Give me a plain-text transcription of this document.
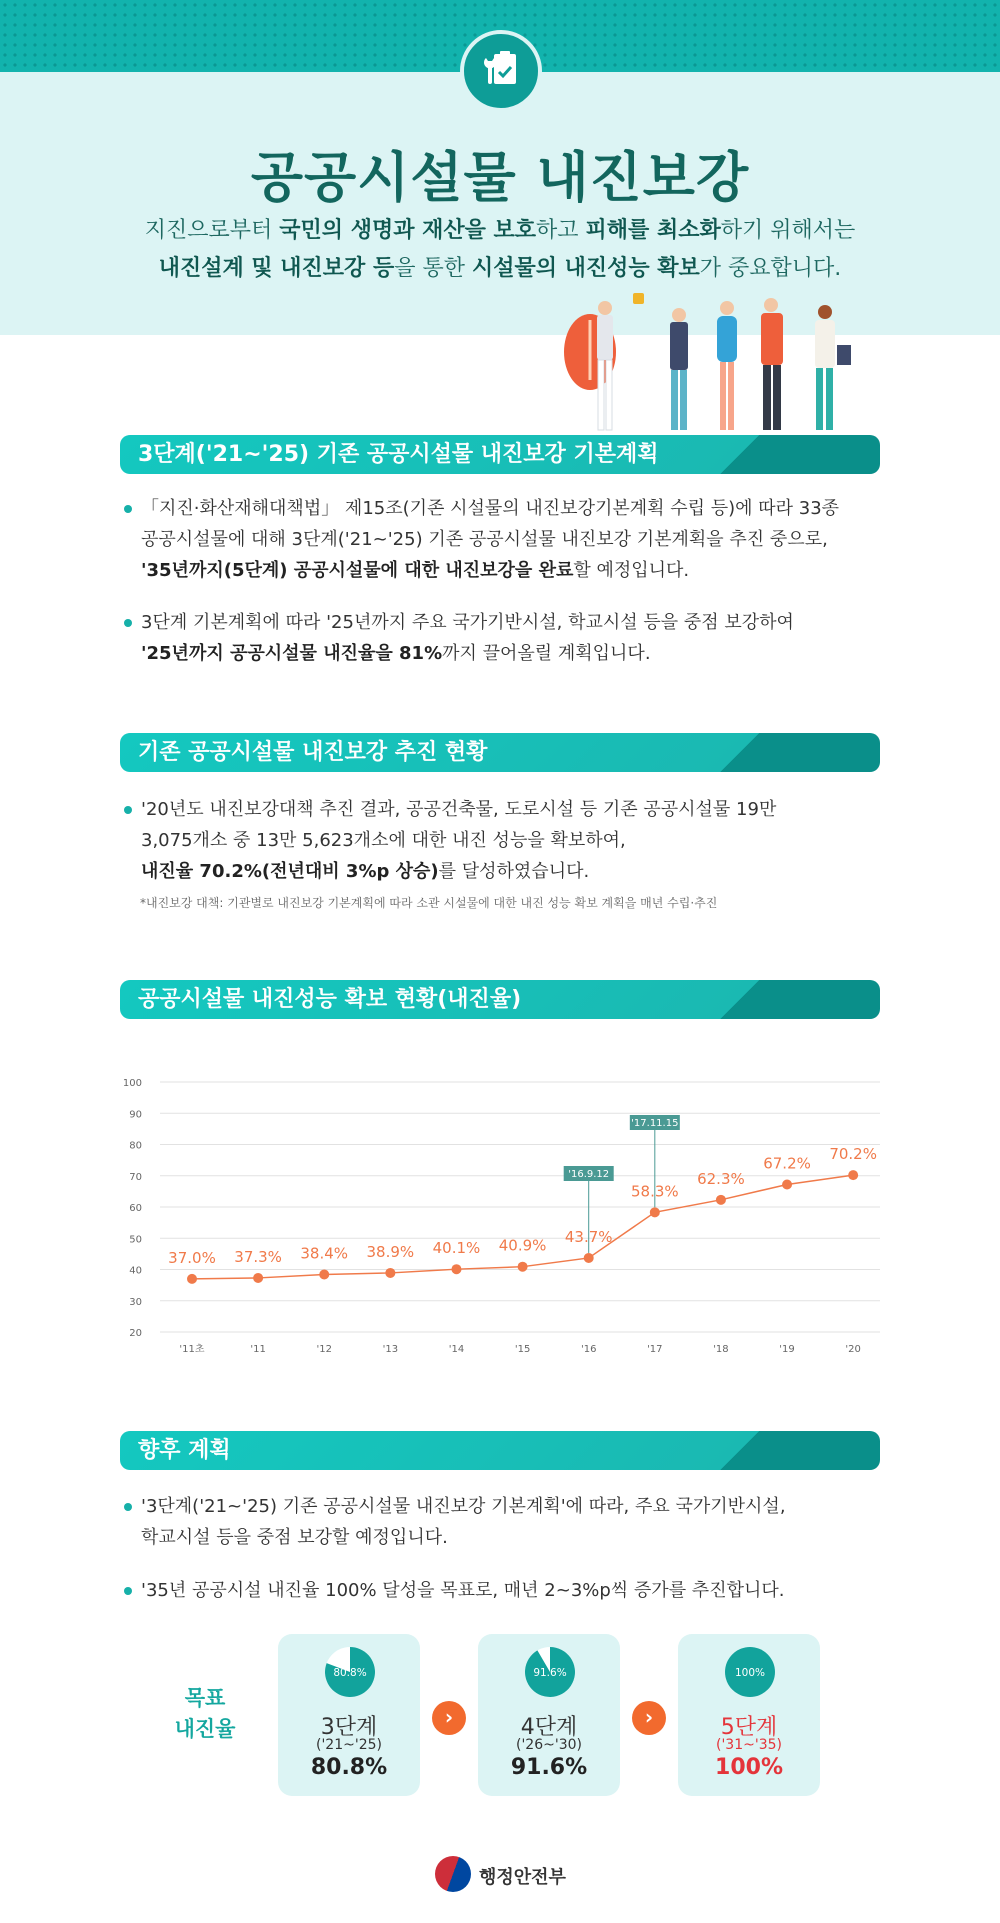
공공시설물 내진보강
지진으로부터 국민의 생명과 재산을 보호하고 피해를 최소화하기 위해서는
내진설계 및 내진보강 등을 통한 시설물의 내진성능 확보가 중요합니다.
3단계('21~'25) 기존 공공시설물 내진보강 기본계획
「지진·화산재해대책법」 제15조(기존 시설물의 내진보강기본계획 수립 등)에 따라 33종
공공시설물에 대해 3단계('21~'25) 기존 공공시설물 내진보강 기본계획을 추진 중으로,
'35년까지(5단계) 공공시설물에 대한 내진보강을 완료할 예정입니다.
3단계 기본계획에 따라 '25년까지 주요 국가기반시설, 학교시설 등을 중점 보강하여
'25년까지 공공시설물 내진율을 81%까지 끌어올릴 계획입니다.
기존 공공시설물 내진보강 추진 현황
'20년도 내진보강대책 추진 결과, 공공건축물, 도로시설 등 기존 공공시설물 19만
3,075개소 중 13만 5,623개소에 대한 내진 성능을 확보하여,
내진율 70.2%(전년대비 3%p 상승)를 달성하였습니다.
*내진보강 대책: 기관별로 내진보강 기본계획에 따라 소관 시설물에 대한 내진 성능 확보 계획을 매년 수립·추진
공공시설물 내진성능 확보 현황(내진율)
20
30
40
50
60
70
80
90
100
'11초	'11	'12	'13	'14	'15	'16	'17	'18	'19	'20
'16.9.12
'17.11.15
37.0% 37.3% 38.4% 38.9% 40.1% 40.9% 43.7%
58.3%
62.3%
67.2%
70.2%
향후 계획
'3단계('21~'25) 기존 공공시설물 내진보강 기본계획'에 따라, 주요 국가기반시설,
학교시설 등을 중점 보강할 예정입니다.
'35년 공공시설 내진율 100% 달성을 목표로, 매년 2~3%p씩 증가를 추진합니다.
목표
내진율
80.8%
3단계
('21~'25)
80.8%
›
91.6%
4단계
('26~'30)
91.6%
›
100%
5단계
('31~'35)
100%
행정안전부
